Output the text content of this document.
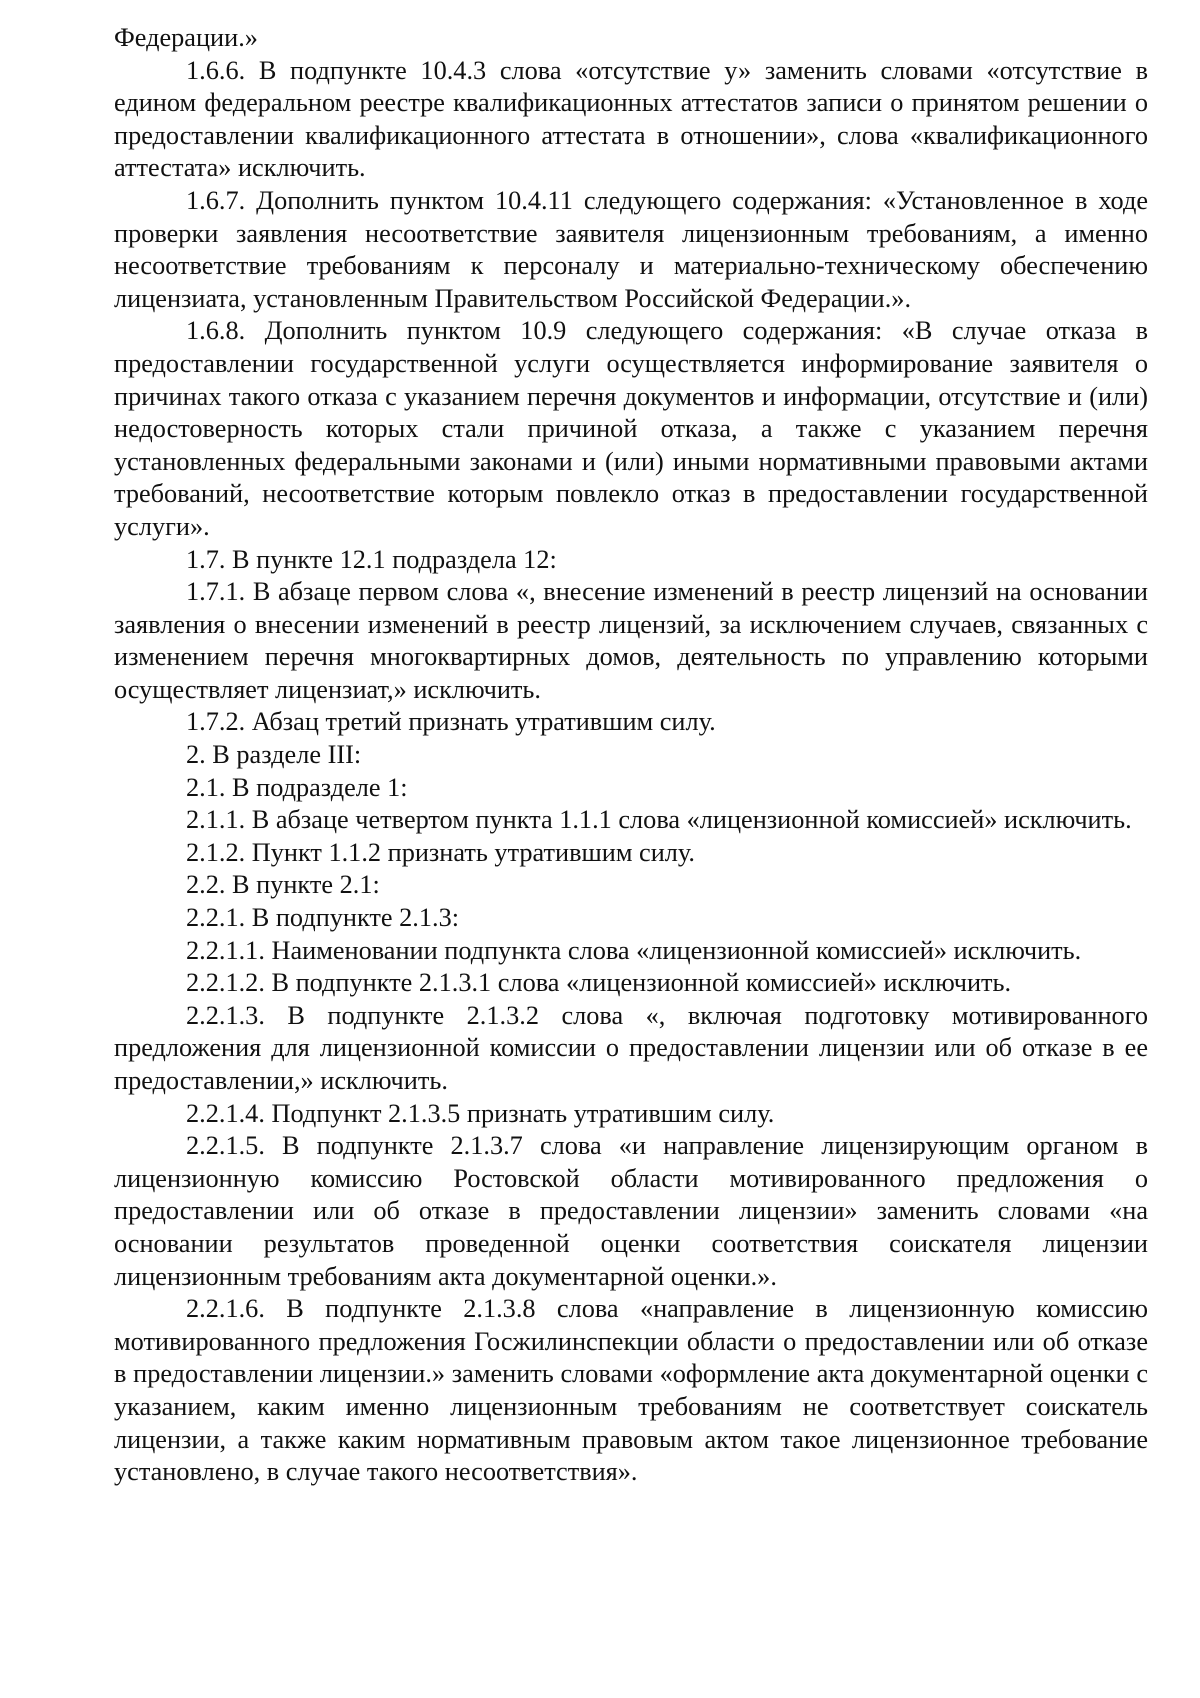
Федерации.»

1.6.6. В подпункте 10.4.3 слова «отсутствие у» заменить словами «отсутствие в едином федеральном реестре квалификационных аттестатов записи о принятом решении о предоставлении квалификационного аттестата в отношении», слова «квалификационного аттестата» исключить.

1.6.7. Дополнить пунктом 10.4.11 следующего содержания: «Установленное в ходе проверки заявления несоответствие заявителя лицензионным требованиям, а именно несоответствие требованиям к персоналу и материально-техническому обеспечению лицензиата, установленным Правительством Российской Федерации.».

1.6.8. Дополнить пунктом 10.9 следующего содержания: «В случае отказа в предоставлении государственной услуги осуществляется информирование заявителя о причинах такого отказа с указанием перечня документов и информации, отсутствие и (или) недостоверность которых стали причиной отказа, а также с указанием перечня установленных федеральными законами и (или) иными нормативными правовыми актами требований, несоответствие которым повлекло отказ в предоставлении государственной услуги».

1.7. В пункте 12.1 подраздела 12:

1.7.1. В абзаце первом слова «, внесение изменений в реестр лицензий на основании заявления о внесении изменений в реестр лицензий, за исключением случаев, связанных с изменением перечня многоквартирных домов, деятельность по управлению которыми осуществляет лицензиат,» исключить.

1.7.2. Абзац третий признать утратившим силу.

2. В разделе III:

2.1. В подразделе 1:

2.1.1. В абзаце четвертом пункта 1.1.1 слова «лицензионной комиссией» исключить.

2.1.2. Пункт 1.1.2 признать утратившим силу.

2.2. В пункте 2.1:

2.2.1. В подпункте 2.1.3:

2.2.1.1. Наименовании подпункта слова «лицензионной комиссией» исключить.

2.2.1.2. В подпункте 2.1.3.1 слова «лицензионной комиссией» исключить.

2.2.1.3. В подпункте 2.1.3.2 слова «, включая подготовку мотивированного предложения для лицензионной комиссии о предоставлении лицензии или об отказе в ее предоставлении,» исключить.

2.2.1.4. Подпункт 2.1.3.5 признать утратившим силу.

2.2.1.5. В подпункте 2.1.3.7 слова «и направление лицензирующим органом в лицензионную комиссию Ростовской области мотивированного предложения о предоставлении или об отказе в предоставлении лицензии» заменить словами «на основании результатов проведенной оценки соответствия соискателя лицензии лицензионным требованиям акта документарной оценки.».

2.2.1.6. В подпункте 2.1.3.8 слова «направление в лицензионную комиссию мотивированного предложения Госжилинспекции области о предоставлении или об отказе в предоставлении лицензии.» заменить словами «оформление акта документарной оценки с указанием, каким именно лицензионным требованиям не соответствует соискатель лицензии, а также каким нормативным правовым актом такое лицензионное требование установлено, в случае такого несоответствия».
